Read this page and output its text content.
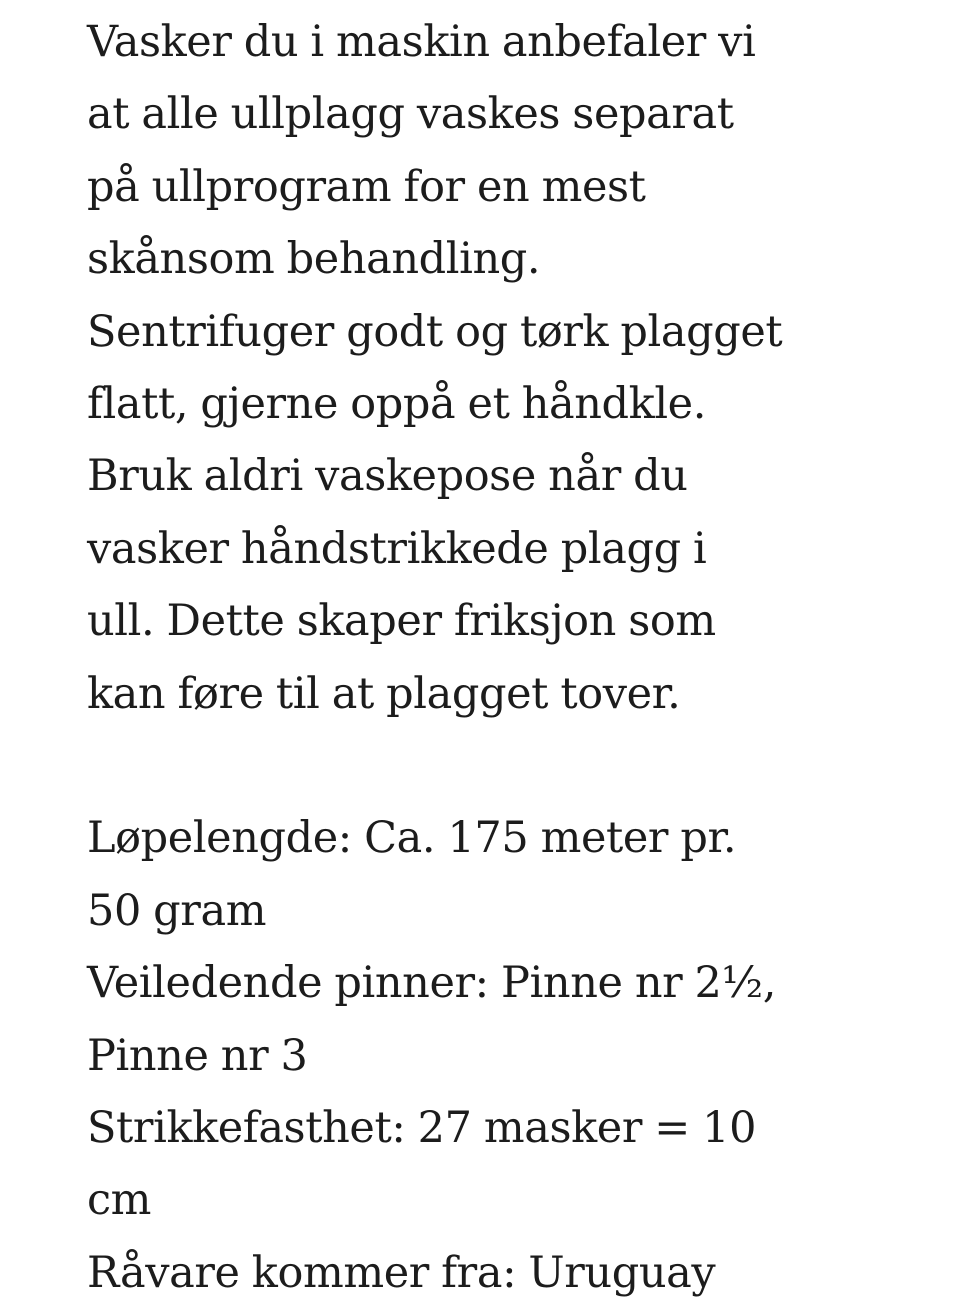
Vasker du i maskin anbefaler vi
at alle ullplagg vaskes separat
på ullprogram for en mest
skånsom behandling.
Sentrifuger godt og tørk plagget
flatt, gjerne oppå et håndkle.
Bruk aldri vaskepose når du
vasker håndstrikkede plagg i
ull. Dette skaper friksjon som
kan føre til at plagget tover.
Løpelengde: Ca. 175 meter pr.
50 gram
Veiledende pinner: Pinne nr 2½,
Pinne nr 3
Strikkefasthet: 27 masker = 10
cm
Råvare kommer fra: Uruguay
